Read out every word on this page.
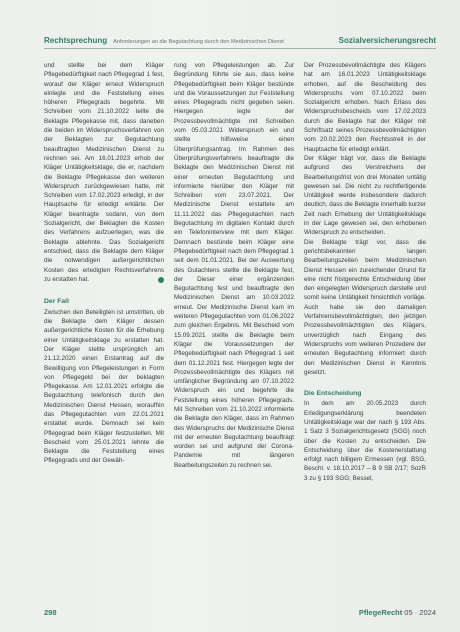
Rechtsprechung Anforderungen an die Begutachtung durch den Medizinischen Dienst	Sozialversicherungsrecht

und stellte bei dem Kläger Pflegebedürftigkeit nach Pflegegrad 1 fest, worauf der Kläger erneut Widerspruch einlegte und die Feststellung eines höheren Pflegegrads begehrte. Mit Schreiben vom 21.10.2022 teilte die Beklagte Pflegekasse mit, dass daneben die beiden im Widerspruchsverfahren von der Beklagten zur Begutachtung beauftragten Medizinischen Dienst zu rechnen sei. Am 16.01.2023 erhob der Kläger Untätigkeitsklage, die er, nachdem die Beklagte Pflegekasse den weiteren Widerspruch zurückgewiesen hatte, mit Schreiben vom 17.02.2023 erledigt, in der Hauptsache für erledigt erklärte. Der Kläger beantragte sodann, von dem Sozialgericht, der Beklagten die Kosten des Verfahrens aufzuerlegen, was die Beklagte ablehnte. Das Sozialgericht entschied, dass die Beklagte dem Kläger die notwendigen außergerichtlichen Kosten des erledigten Rechtsverfahrens zu erstatten hat.

Der Fall

Zwischen den Beteiligten ist umstritten, ob die Beklagte dem Kläger dessen außergerichtliche Kosten für die Erhebung einer Untätigkeitsklage zu erstatten hat. Der Kläger stellte ursprünglich am 21.12.2020 einen Erstantrag auf die Bewilligung von Pflegeleistungen in Form von Pflegegeld bei der beklagten Pflegekasse. Am 12.01.2021 erfolgte die Begutachtung telefonisch durch den Medizinischen Dienst Hessen, woraufhin das Pflegegutachten vom 22.01.2021 erstattet wurde. Demnach sei kein Pflegegrad beim Kläger festzustellen. Mit Bescheid vom 25.01.2021 lehnte die Beklagte die Feststellung eines Pflegegrads und der Gewäh-

rung von Pflegeleistungen ab. Zur Begründung führte sie aus, dass keine Pflegebedürftigkeit beim Kläger bestünde und die Voraussetzungen zur Feststellung eines Pflegegrads nicht gegeben seien. Hiergegen legte der Prozessbevollmächtigte mit Schreiben vom 05.03.2021 Widerspruch ein und stellte hilfsweise einen Überprüfungsantrag. Im Rahmen des Überprüfungsverfahrens beauftragte die Beklagte den Medizinischen Dienst mit einer erneuten Begutachtung und informierte hierüber den Kläger mit Schreiben vom 23.07.2021. Der Medizinische Dienst erstattete am 11.11.2022 das Pflegegutachten nach Begutachtung im digitalen Kontakt durch ein Telefoninterview mit dem Kläger. Demnach bestünde beim Kläger eine Pflegebedürftigkeit nach dem Pflegegrad 1 seit dem 01.01.2021. Bei der Auswertung des Gutachtens stellte die Beklagte fest, der Dieser einer ergänzenden Begutachtung fest und beauftragte den Medizinischen Dienst am 10.03.2022 erneut. Der Medizinische Dienst kam im weiteren Pflegegutachten vom 01.06.2022 zum gleichen Ergebnis. Mit Bescheid vom 15.09.2021 stellte die Beklagte beim Kläger die Voraussetzungen der Pflegebedürftigkeit nach Pflegegrad 1 seit dem 01.12.2021 fest. Hiergegen legte der Prozessbevollmächtigte des Klägers mit umfänglicher Begründung am 07.10.2022 Widerspruch ein und begehrte die Feststellung eines höheren Pflegegrads. Mit Schreiben vom 21.10.2022 informierte die Beklagte den Kläger, dass im Rahmen des Widerspruchs der Medizinische Dienst mit der erneuten Begutachtung beauftragt worden sei und aufgrund der Corona-Pandemie mit längeren Bearbeitungszeiten zu rechnen sei.

Der Prozessbevollmächtigte des Klägers hat am 16.01.2023 Untätigkeitsklage erhoben, auf die Bescheidung des Widerspruchs vom 07.10.2022 beim Sozialgericht erhoben. Nach Erlass des Widerspruchsbescheids vom 17.02.2023 durch die Beklagte hat der Kläger mit Schriftsatz seines Prozessbevollmächtigten vom 20.02.2023 den Rechtsstreit in der Hauptsache für erledigt erklärt.

Der Kläger trägt vor, dass die Beklagte aufgrund des Verstreichens der Bearbeitungsfrist von drei Monaten untätig gewesen sei. Die nicht zu rechtfertigende Untätigkeit werde insbesondere dadurch deutlich, dass die Beklagte innerhalb kurzer Zeit nach Erhebung der Untätigkeitsklage in der Lage gewesen sei, den erhobenen Widerspruch zu entscheiden.

Die Beklagte trägt vor, dass die gerichtsbekannten langen Bearbeitungszeiten beim Medizinischen Dienst Hessen ein zureichender Grund für eine nicht fristgerechte Entscheidung über den eingelegten Widerspruch darstelle und somit keine Untätigkeit hinsichtlich vorläge. Auch habe sie den damaligen Verfahrensbevollmächtigten, den jetzigen Prozessbevollmächtigten des Klägers, unverzüglich nach Eingang des Widerspruchs vom weiteren Prozedere der erneuten Begutachtung informiert durch den Medizinischen Dienst in Kenntnis gesetzt.

Die Entscheidung

In dem am 20.05.2023 durch Erledigungserklärung beendeten Untätigkeitsklage war der nach § 193 Abs. 1 Satz 3 Sozialgerichtsgesetz (SGG) noch über die Kosten zu entscheiden. Die Entscheidung über die Kostenerstattung erfolgt nach billigem Ermessen (vgl. BSG, Beschl. v. 18.10.2017 – B 9 SB 2/17; SozR 3 zu § 193 SGG; Bessel,

298	PflegeRecht 05 · 2024
